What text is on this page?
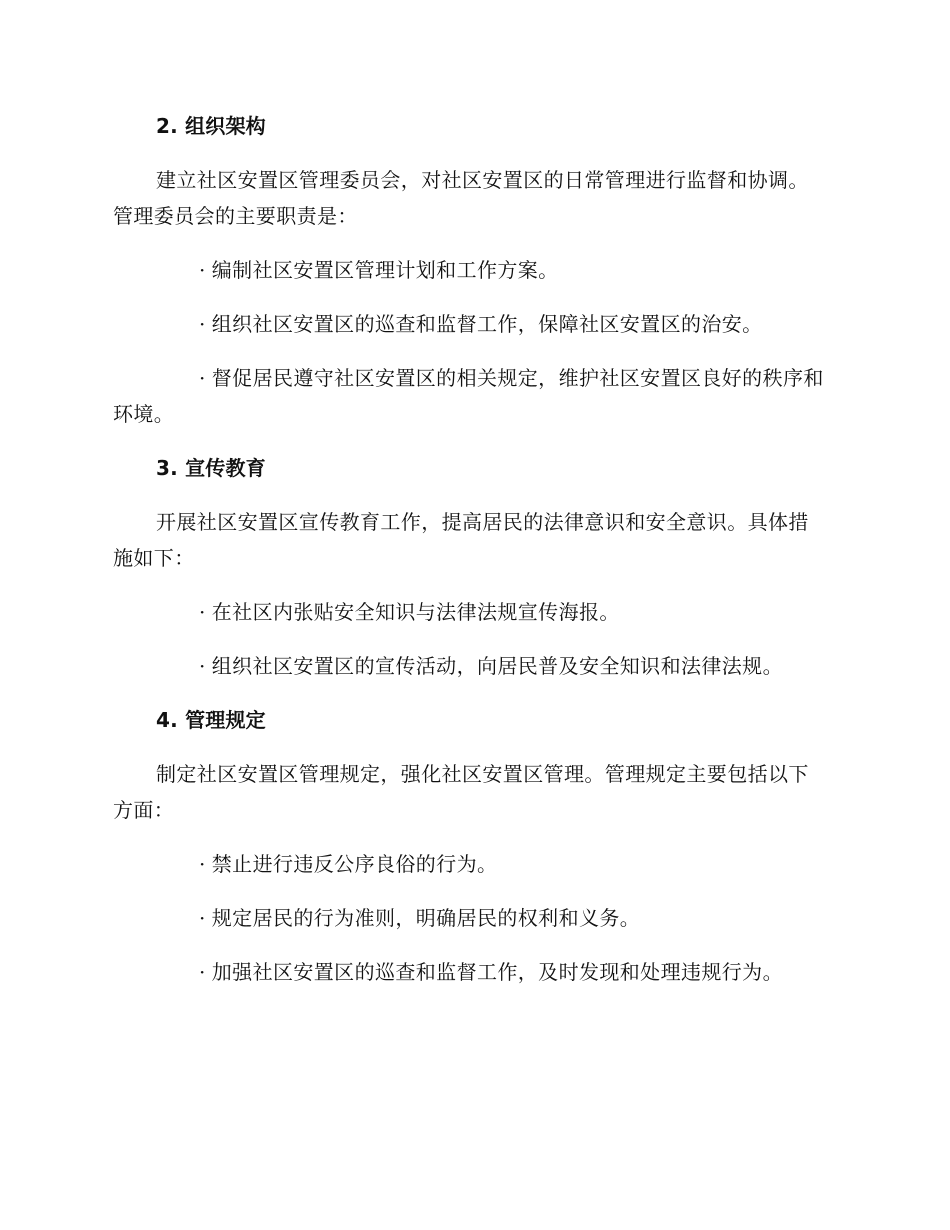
2. 组织架构

建立社区安置区管理委员会，对社区安置区的日常管理进行监督和协调。管理委员会的主要职责是：

· 编制社区安置区管理计划和工作方案。

· 组织社区安置区的巡查和监督工作，保障社区安置区的治安。

· 督促居民遵守社区安置区的相关规定，维护社区安置区良好的秩序和环境。

3. 宣传教育

开展社区安置区宣传教育工作，提高居民的法律意识和安全意识。具体措施如下：

· 在社区内张贴安全知识与法律法规宣传海报。

· 组织社区安置区的宣传活动，向居民普及安全知识和法律法规。

4. 管理规定

制定社区安置区管理规定，强化社区安置区管理。管理规定主要包括以下方面：

· 禁止进行违反公序良俗的行为。

· 规定居民的行为准则，明确居民的权利和义务。

· 加强社区安置区的巡查和监督工作，及时发现和处理违规行为。
